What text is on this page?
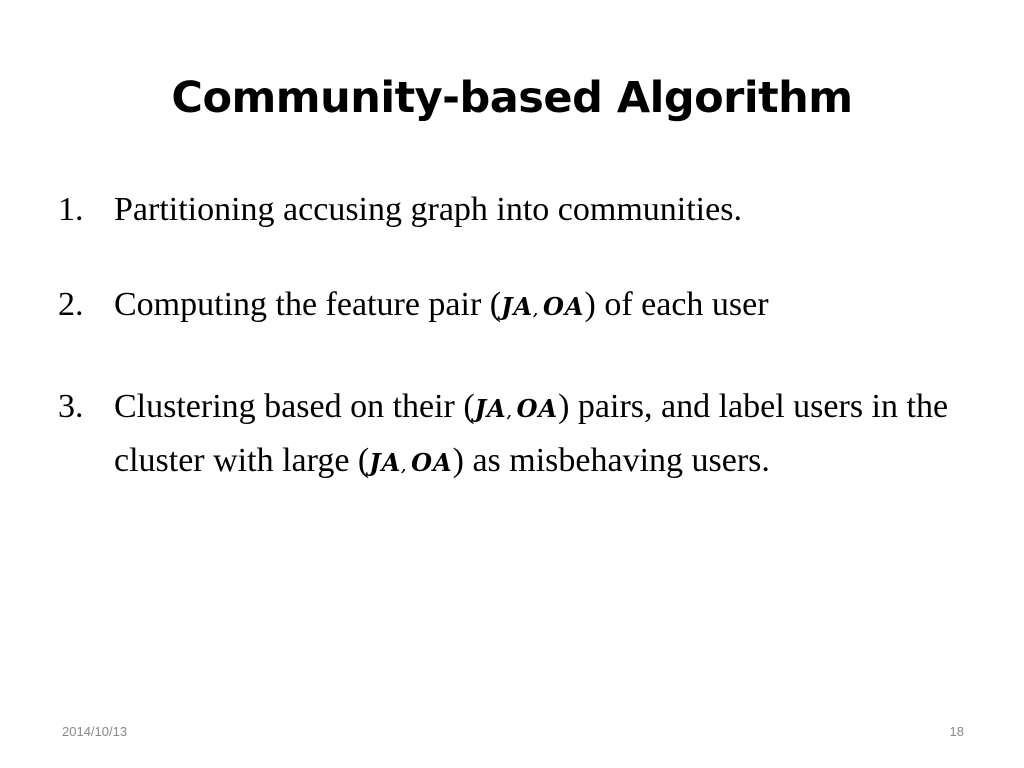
Community-based Algorithm
1. Partitioning accusing graph into communities.
2. Computing the feature pair (JA, OA) of each user
3. Clustering based on their (JA, OA) pairs, and label users in the cluster with large (JA, OA) as misbehaving users.
2014/10/13	18
